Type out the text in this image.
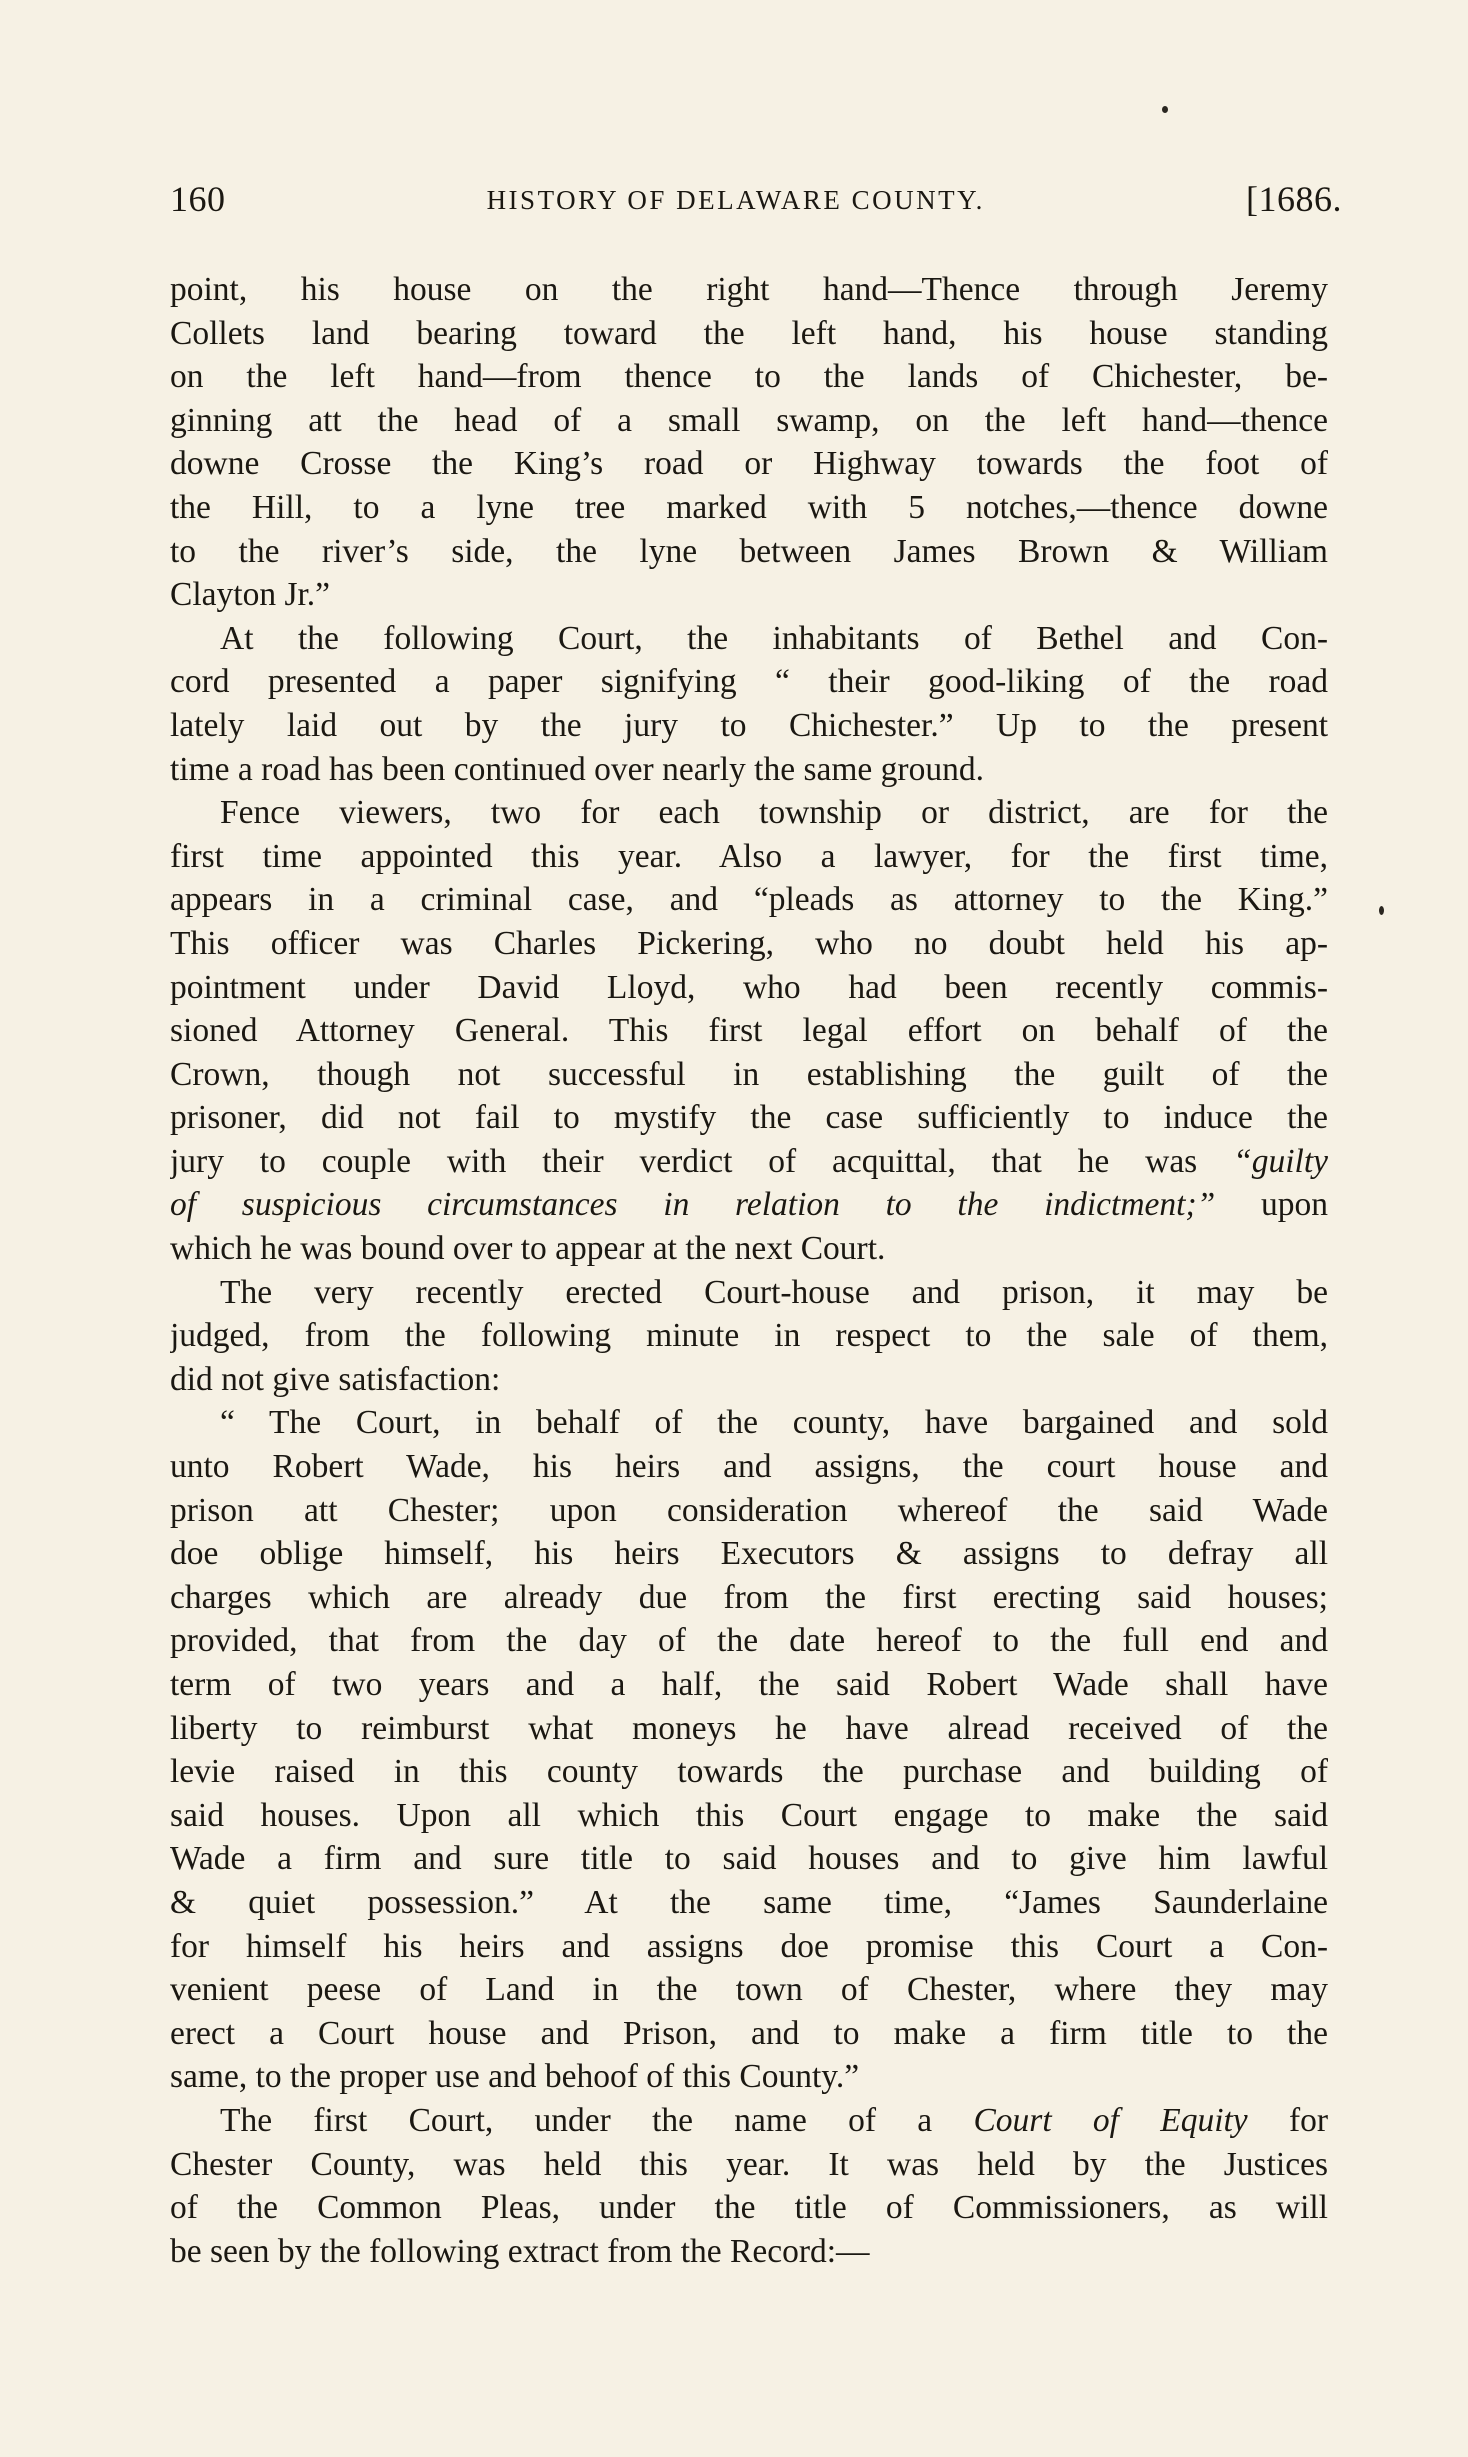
160	HISTORY OF DELAWARE COUNTY.	[1686.
point, his house on the right hand—Thence through Jeremy
Collets land bearing toward the left hand, his house standing
on the left hand—from thence to the lands of Chichester, be-
ginning att the head of a small swamp, on the left hand—thence
downe Crosse the King’s road or Highway towards the foot of
the Hill, to a lyne tree marked with 5 notches,—thence downe
to the river’s side, the lyne between James Brown & William
Clayton Jr.”
At the following Court, the inhabitants of Bethel and Con-
cord presented a paper signifying “ their good-liking of the road
lately laid out by the jury to Chichester.” Up to the present
time a road has been continued over nearly the same ground.
Fence viewers, two for each township or district, are for the
first time appointed this year. Also a lawyer, for the first time,
appears in a criminal case, and “pleads as attorney to the King.”
This officer was Charles Pickering, who no doubt held his ap-
pointment under David Lloyd, who had been recently commis-
sioned Attorney General. This first legal effort on behalf of the
Crown, though not successful in establishing the guilt of the
prisoner, did not fail to mystify the case sufficiently to induce the
jury to couple with their verdict of acquittal, that he was “guilty
of suspicious circumstances in relation to the indictment;” upon
which he was bound over to appear at the next Court.
The very recently erected Court-house and prison, it may be
judged, from the following minute in respect to the sale of them,
did not give satisfaction:
“ The Court, in behalf of the county, have bargained and sold
unto Robert Wade, his heirs and assigns, the court house and
prison att Chester; upon consideration whereof the said Wade
doe oblige himself, his heirs Executors & assigns to defray all
charges which are already due from the first erecting said houses;
provided, that from the day of the date hereof to the full end and
term of two years and a half, the said Robert Wade shall have
liberty to reimburst what moneys he have alread received of the
levie raised in this county towards the purchase and building of
said houses. Upon all which this Court engage to make the said
Wade a firm and sure title to said houses and to give him lawful
& quiet possession.” At the same time, “James Saunderlaine
for himself his heirs and assigns doe promise this Court a Con-
venient peese of Land in the town of Chester, where they may
erect a Court house and Prison, and to make a firm title to the
same, to the proper use and behoof of this County.”
The first Court, under the name of a Court of Equity for
Chester County, was held this year. It was held by the Justices
of the Common Pleas, under the title of Commissioners, as will
be seen by the following extract from the Record:—
